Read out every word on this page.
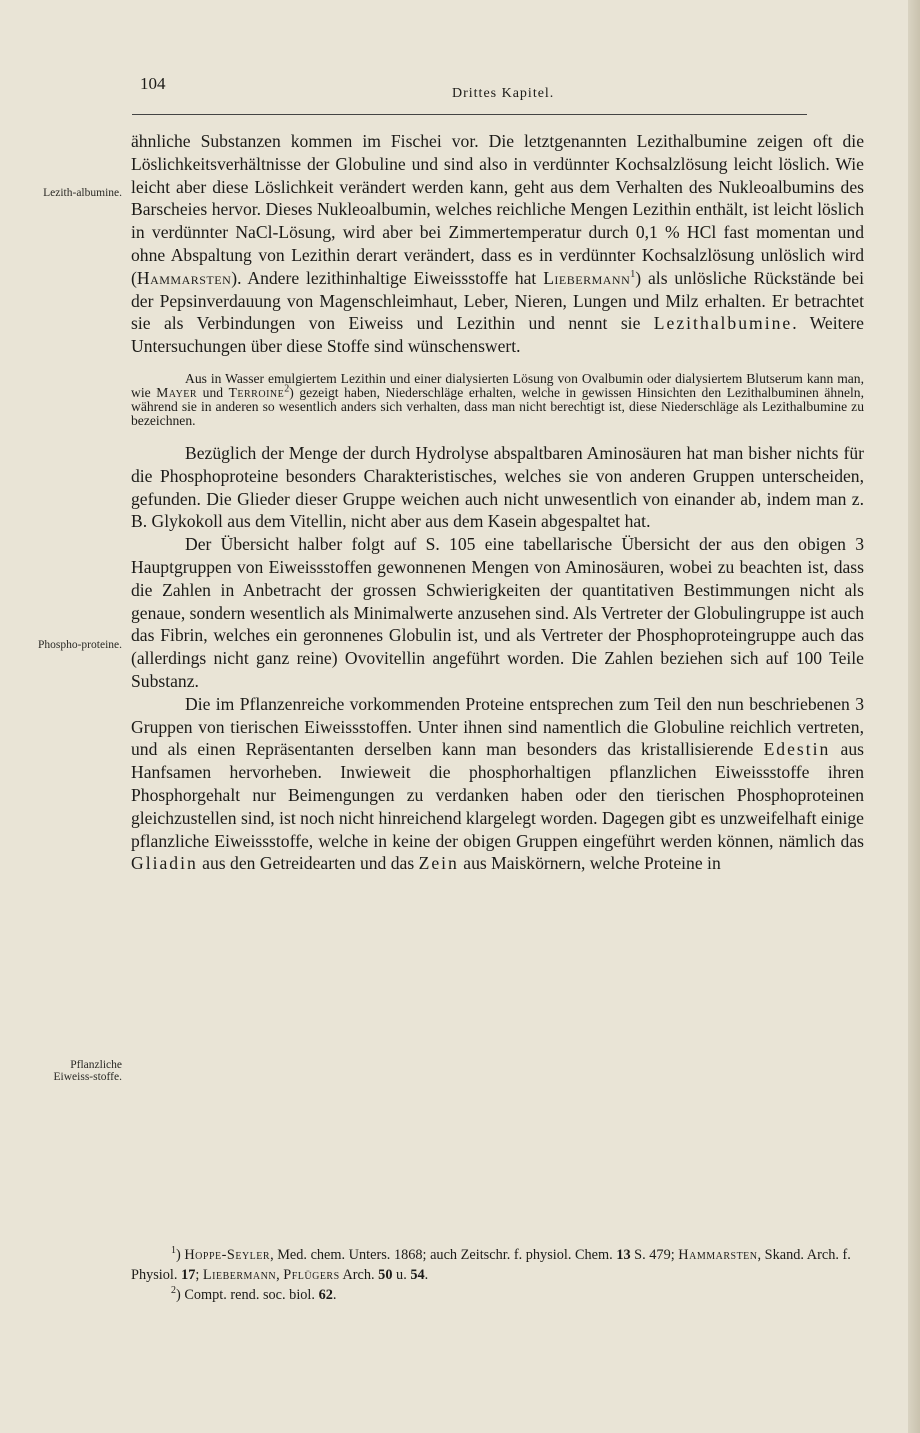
104
Drittes Kapitel.
Lezith-albumine.
Phospho-proteine.
Pflanzliche Eiweiss-stoffe.

ähnliche Substanzen kommen im Fischei vor. Die letztgenannten Lezithalbumine zeigen oft die Löslichkeitsverhältnisse der Globuline und sind also in verdünnter Kochsalzlösung leicht löslich. Wie leicht aber diese Löslichkeit verändert werden kann, geht aus dem Verhalten des Nukleoalbumins des Barscheies hervor. Dieses Nukleoalbumin, welches reichliche Mengen Lezithin enthält, ist leicht löslich in verdünnter NaCl-Lösung, wird aber bei Zimmertemperatur durch 0,1 % HCl fast momentan und ohne Abspaltung von Lezithin derart verändert, dass es in verdünnter Kochsalzlösung unlöslich wird (Hammarsten). Andere lezithinhaltige Eiweissstoffe hat Liebermann$^1$) als unlösliche Rückstände bei der Pepsinverdauung von Magenschleimhaut, Leber, Nieren, Lungen und Milz erhalten. Er betrachtet sie als Verbindungen von Eiweiss und Lezithin und nennt sie Lezithalbumine. Weitere Untersuchungen über diese Stoffe sind wünschenswert.

Aus in Wasser emulgiertem Lezithin und einer dialysierten Lösung von Ovalbumin oder dialysiertem Blutserum kann man, wie Mayer und Terroine$^2$) gezeigt haben, Niederschläge erhalten, welche in gewissen Hinsichten den Lezithalbuminen ähneln, während sie in anderen so wesentlich anders sich verhalten, dass man nicht berechtigt ist, diese Niederschläge als Lezithalbumine zu bezeichnen.

Bezüglich der Menge der durch Hydrolyse abspaltbaren Aminosäuren hat man bisher nichts für die Phosphoproteine besonders Charakteristisches, welches sie von anderen Gruppen unterscheiden, gefunden. Die Glieder dieser Gruppe weichen auch nicht unwesentlich von einander ab, indem man z. B. Glykokoll aus dem Vitellin, nicht aber aus dem Kasein abgespaltet hat.

Der Übersicht halber folgt auf S. 105 eine tabellarische Übersicht der aus den obigen 3 Hauptgruppen von Eiweissstoffen gewonnenen Mengen von Aminosäuren, wobei zu beachten ist, dass die Zahlen in Anbetracht der grossen Schwierigkeiten der quantitativen Bestimmungen nicht als genaue, sondern wesentlich als Minimalwerte anzusehen sind. Als Vertreter der Globulingruppe ist auch das Fibrin, welches ein geronnenes Globulin ist, und als Vertreter der Phosphoproteingruppe auch das (allerdings nicht ganz reine) Ovovitellin angeführt worden. Die Zahlen beziehen sich auf 100 Teile Substanz.

Die im Pflanzenreiche vorkommenden Proteine entsprechen zum Teil den nun beschriebenen 3 Gruppen von tierischen Eiweissstoffen. Unter ihnen sind namentlich die Globuline reichlich vertreten, und als einen Repräsentanten derselben kann man besonders das kristallisierende Edestin aus Hanfsamen hervorheben. Inwieweit die phosphorhaltigen pflanzlichen Eiweissstoffe ihren Phosphorgehalt nur Beimengungen zu verdanken haben oder den tierischen Phosphoproteinen gleichzustellen sind, ist noch nicht hinreichend klargelegt worden. Dagegen gibt es unzweifelhaft einige pflanzliche Eiweissstoffe, welche in keine der obigen Gruppen eingeführt werden können, nämlich das Gliadin aus den Getreidearten und das Zein aus Maiskörnern, welche Proteine in

$^1$) Hoppe-Seyler, Med. chem. Unters. 1868; auch Zeitschr. f. physiol. Chem. 13 S. 479; Hammarsten, Skand. Arch. f. Physiol. 17; Liebermann, Pflügers Arch. 50 u. 54.

$^2$) Compt. rend. soc. biol. 62.
